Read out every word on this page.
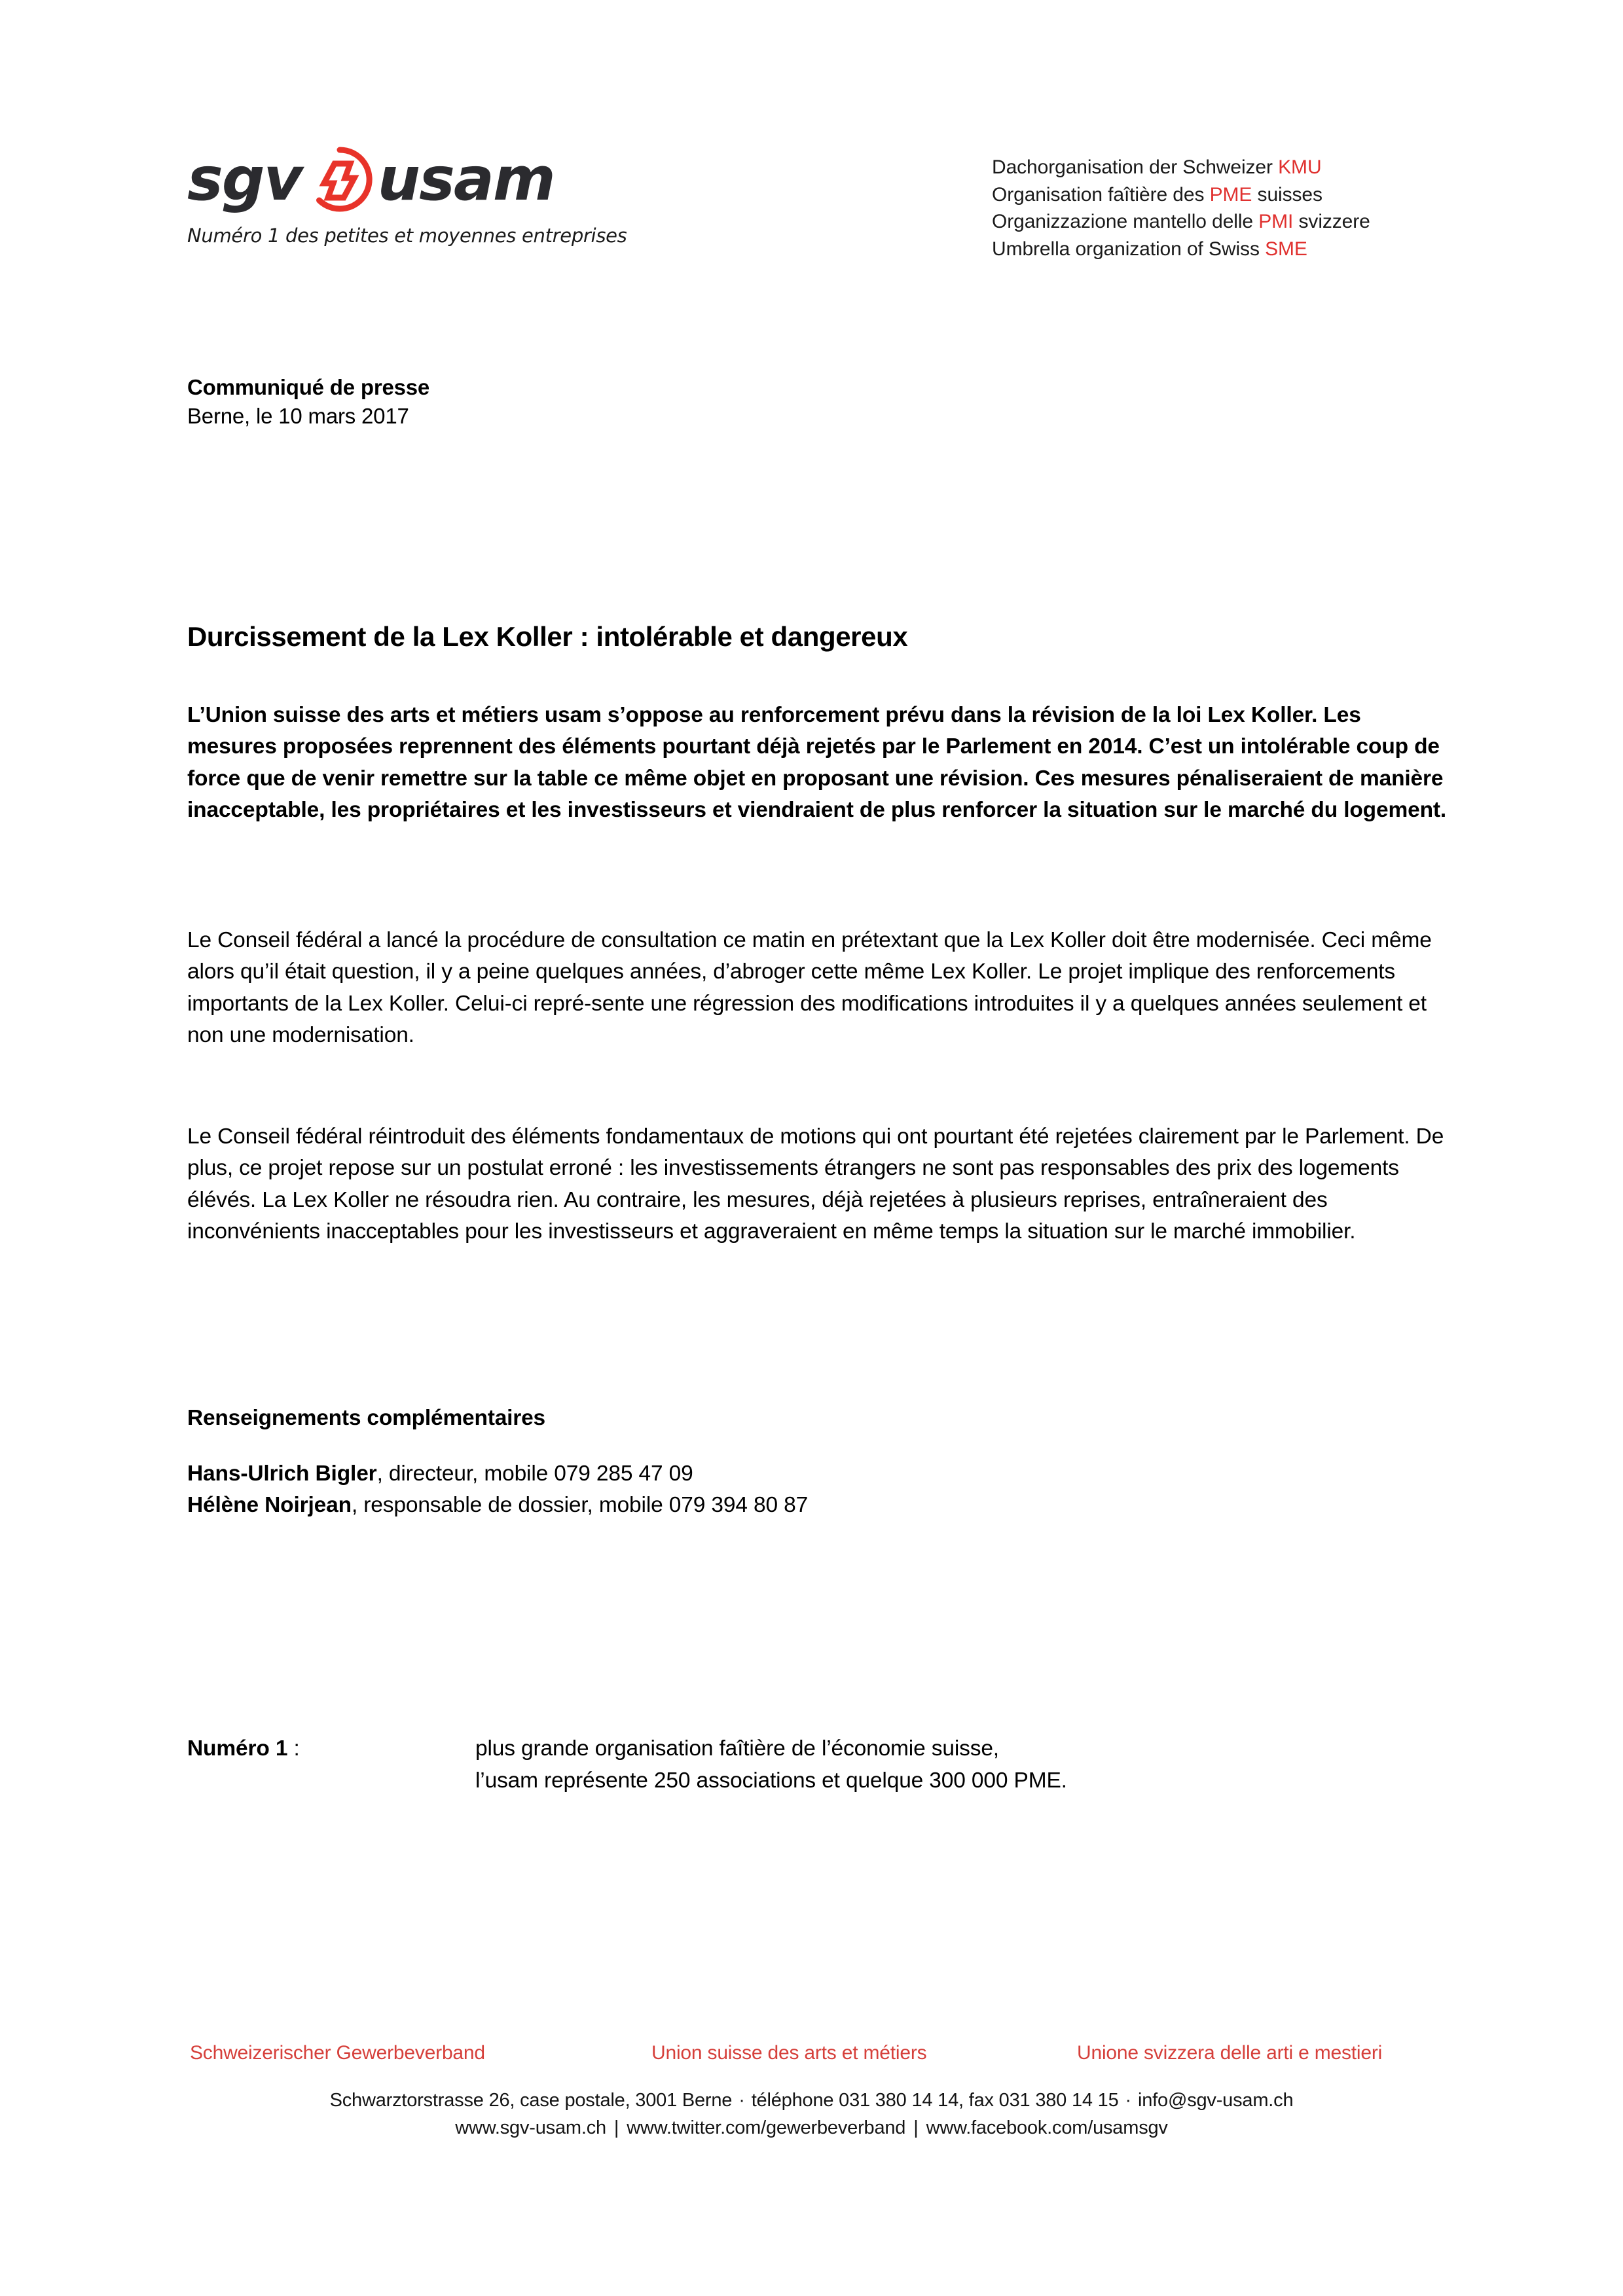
sgv usam
Numéro 1 des petites et moyennes entreprises
Dachorganisation der Schweizer KMU
Organisation faîtière des PME suisses
Organizzazione mantello delle PMI svizzere
Umbrella organization of Swiss SME
Communiqué de presse
Berne, le 10 mars 2017
Durcissement de la Lex Koller : intolérable et dangereux

L’Union suisse des arts et métiers usam s’oppose au renforcement prévu dans la révision de la loi Lex Koller. Les mesures proposées reprennent des éléments pourtant déjà rejetés par le Parlement en 2014. C’est un intolérable coup de force que de venir remettre sur la table ce même objet en proposant une révision. Ces mesures pénaliseraient de manière inacceptable, les propriétaires et les investisseurs et viendraient de plus renforcer la situation sur le marché du logement.

Le Conseil fédéral a lancé la procédure de consultation ce matin en prétextant que la Lex Koller doit être modernisée. Ceci même alors qu’il était question, il y a peine quelques années, d’abroger cette même Lex Koller. Le projet implique des renforcements importants de la Lex Koller. Celui-ci repré-sente une régression des modifications introduites il y a quelques années seulement et non une modernisation.

Le Conseil fédéral réintroduit des éléments fondamentaux de motions qui ont pourtant été rejetées clairement par le Parlement. De plus, ce projet repose sur un postulat erroné : les investissements étrangers ne sont pas responsables des prix des logements élévés. La Lex Koller ne résoudra rien. Au contraire, les mesures, déjà rejetées à plusieurs reprises, entraîneraient des inconvénients inacceptables pour les investisseurs et aggraveraient en même temps la situation sur le marché immobilier.

Renseignements complémentaires
Hans-Ulrich Bigler, directeur, mobile 079 285 47 09
Hélène Noirjean, responsable de dossier, mobile 079 394 80 87
Numéro 1 :	plus grande organisation faîtière de l’économie suisse,
l’usam représente 250 associations et quelque 300 000 PME.
Schweizerischer Gewerbeverband	Union suisse des arts et métiers	Unione svizzera delle arti e mestieri
Schwarztorstrasse 26, case postale, 3001 Berne · téléphone 031 380 14 14, fax 031 380 14 15 · info@sgv-usam.ch
www.sgv-usam.ch | www.twitter.com/gewerbeverband | www.facebook.com/usamsgv
